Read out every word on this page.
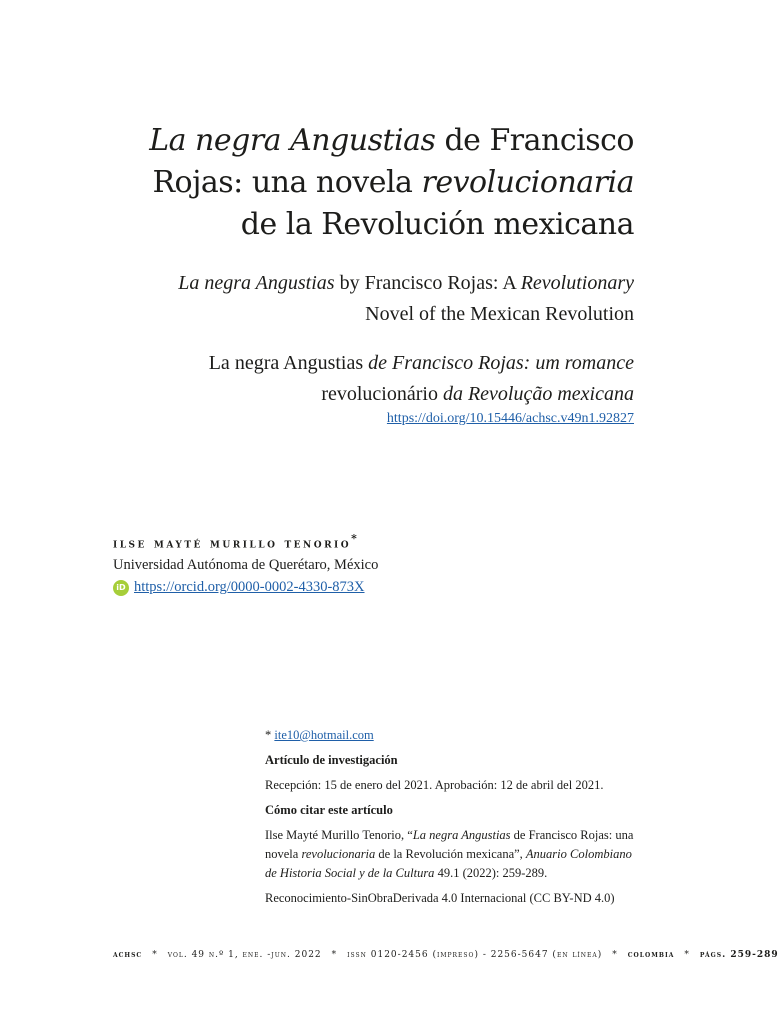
La negra Angustias de Francisco Rojas: una novela revolucionaria de la Revolución mexicana

La negra Angustias by Francisco Rojas: A Revolutionary Novel of the Mexican Revolution

La negra Angustias de Francisco Rojas: um romance revolucionário da Revolução mexicana

https://doi.org/10.15446/achsc.v49n1.92827
ilse mayté murillo tenorio*
Universidad Autónoma de Querétaro, México
iD https://orcid.org/0000-0002-4330-873X

* ite10@hotmail.com

Artículo de investigación

Recepción: 15 de enero del 2021. Aprobación: 12 de abril del 2021.

Cómo citar este artículo

Ilse Mayté Murillo Tenorio, “La negra Angustias de Francisco Rojas: una novela revolucionaria de la Revolución mexicana”, Anuario Colombiano de Historia Social y de la Cultura 49.1 (2022): 259-289.

Reconocimiento-SinObraDerivada 4.0 Internacional (CC BY-ND 4.0)

achsc * vol. 49 n.º 1, ene. -jun. 2022 * issn 0120-2456 (impreso) - 2256-5647 (en línea) * colombia * págs. 259-289
